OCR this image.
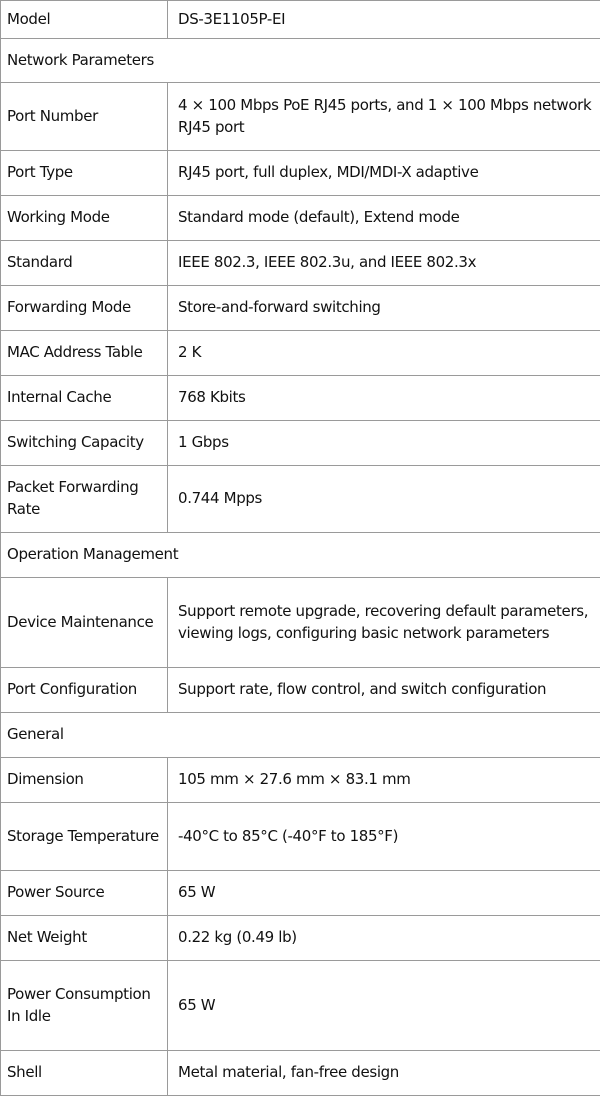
Model	DS-3E1105P-EI
Network Parameters	
Port Number	4 × 100 Mbps PoE RJ45 ports, and 1 × 100 Mbps network RJ45 port
Port Type	RJ45 port, full duplex, MDI/MDI-X adaptive
Working Mode	Standard mode (default), Extend mode
Standard	IEEE 802.3, IEEE 802.3u, and IEEE 802.3x
Forwarding Mode	Store-and-forward switching
MAC Address Table	2 K
Internal Cache	768 Kbits
Switching Capacity	1 Gbps
Packet Forwarding Rate	0.744 Mpps
Operation Management	
Device Maintenance	Support remote upgrade, recovering default parameters, viewing logs, configuring basic network parameters
Port Configuration	Support rate, flow control, and switch configuration
General	
Dimension	105 mm × 27.6 mm × 83.1 mm
Storage Temperature	-40°C to 85°C (-40°F to 185°F)
Power Source	65 W
Net Weight	0.22 kg (0.49 lb)
Power Consumption In Idle	65 W
Shell	Metal material, fan-free design
